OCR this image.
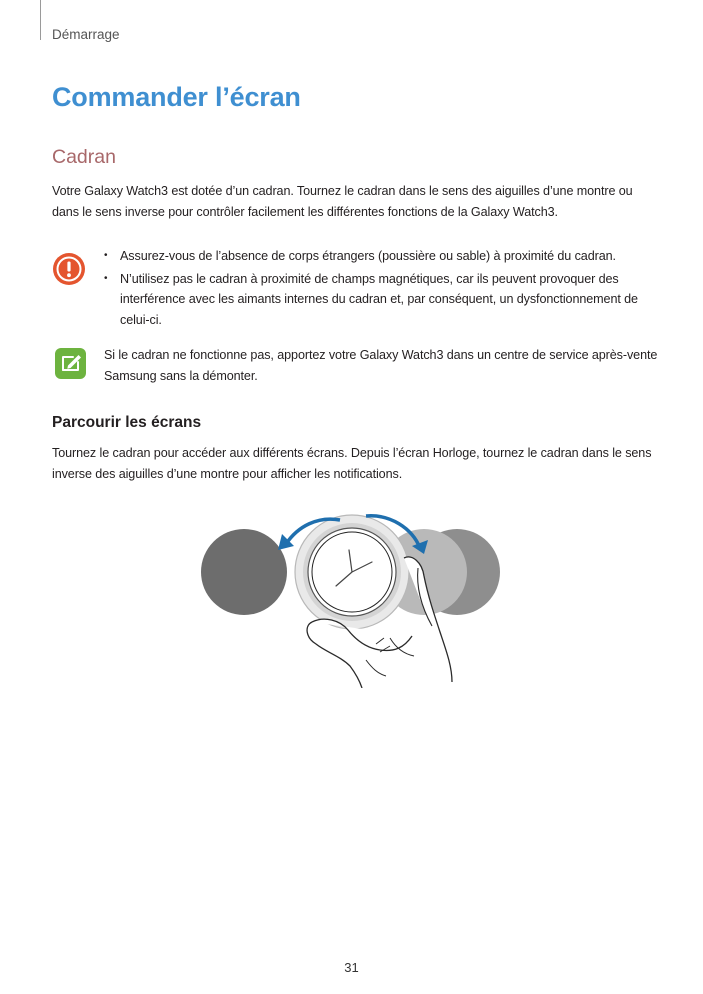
Démarrage
Commander l’écran
Cadran

Votre Galaxy Watch3 est dotée d’un cadran. Tournez le cadran dans le sens des aiguilles d’une montre ou dans le sens inverse pour contrôler facilement les différentes fonctions de la Galaxy Watch3.

• Assurez-vous de l’absence de corps étrangers (poussière ou sable) à proximité du cadran.
• N’utilisez pas le cadran à proximité de champs magnétiques, car ils peuvent provoquer des interférence avec les aimants internes du cadran et, par conséquent, un dysfonctionnement de celui-ci.

Si le cadran ne fonctionne pas, apportez votre Galaxy Watch3 dans un centre de service après-vente Samsung sans la démonter.

Parcourir les écrans

Tournez le cadran pour accéder aux différents écrans. Depuis l’écran Horloge, tournez le cadran dans le sens inverse des aiguilles d’une montre pour afficher les notifications.

31
